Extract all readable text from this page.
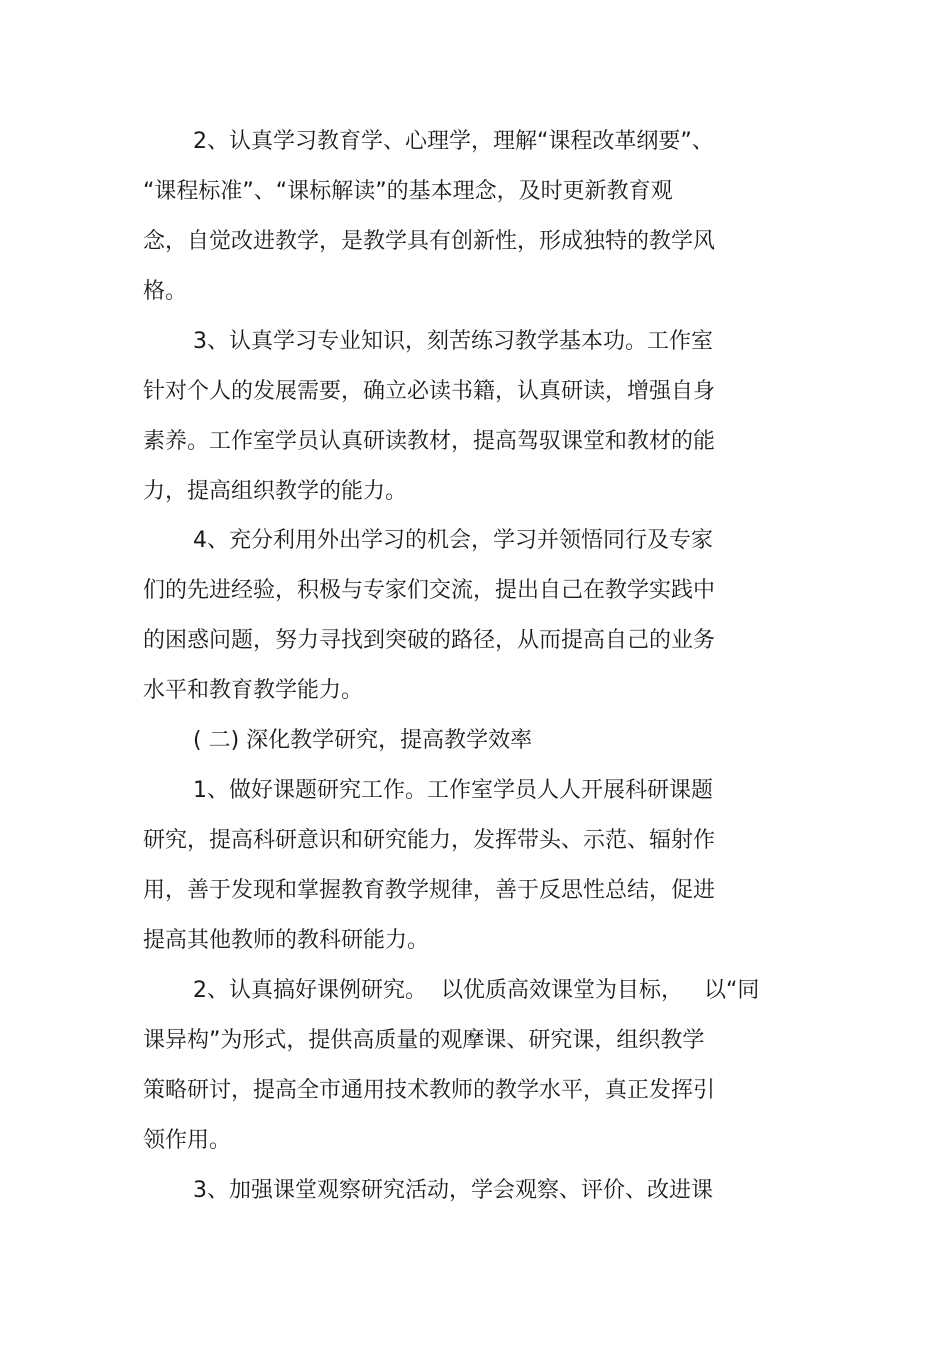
2、认真学习教育学、心理学，理解“课程改革纲要”、
“课程标准”、“课标解读”的基本理念，及时更新教育观
念，自觉改进教学，是教学具有创新性，形成独特的教学风
格。
3、认真学习专业知识，刻苦练习教学基本功。工作室
针对个人的发展需要，确立必读书籍，认真研读，增强自身
素养。工作室学员认真研读教材，提高驾驭课堂和教材的能
力，提高组织教学的能力。
4、充分利用外出学习的机会，学习并领悟同行及专家
们的先进经验，积极与专家们交流，提出自己在教学实践中
的困惑问题，努力寻找到突破的路径，从而提高自己的业务
水平和教育教学能力。
( 二) 深化教学研究，提高教学效率
1、做好课题研究工作。工作室学员人人开展科研课题
研究，提高科研意识和研究能力，发挥带头、示范、辐射作
用，善于发现和掌握教育教学规律，善于反思性总结，促进
提高其他教师的教科研能力。
2、认真搞好课例研究。  以优质高效课堂为目标，   以“同
课异构”为形式，提供高质量的观摩课、研究课，组织教学
策略研讨，提高全市通用技术教师的教学水平，真正发挥引
领作用。
3、加强课堂观察研究活动，学会观察、评价、改进课
